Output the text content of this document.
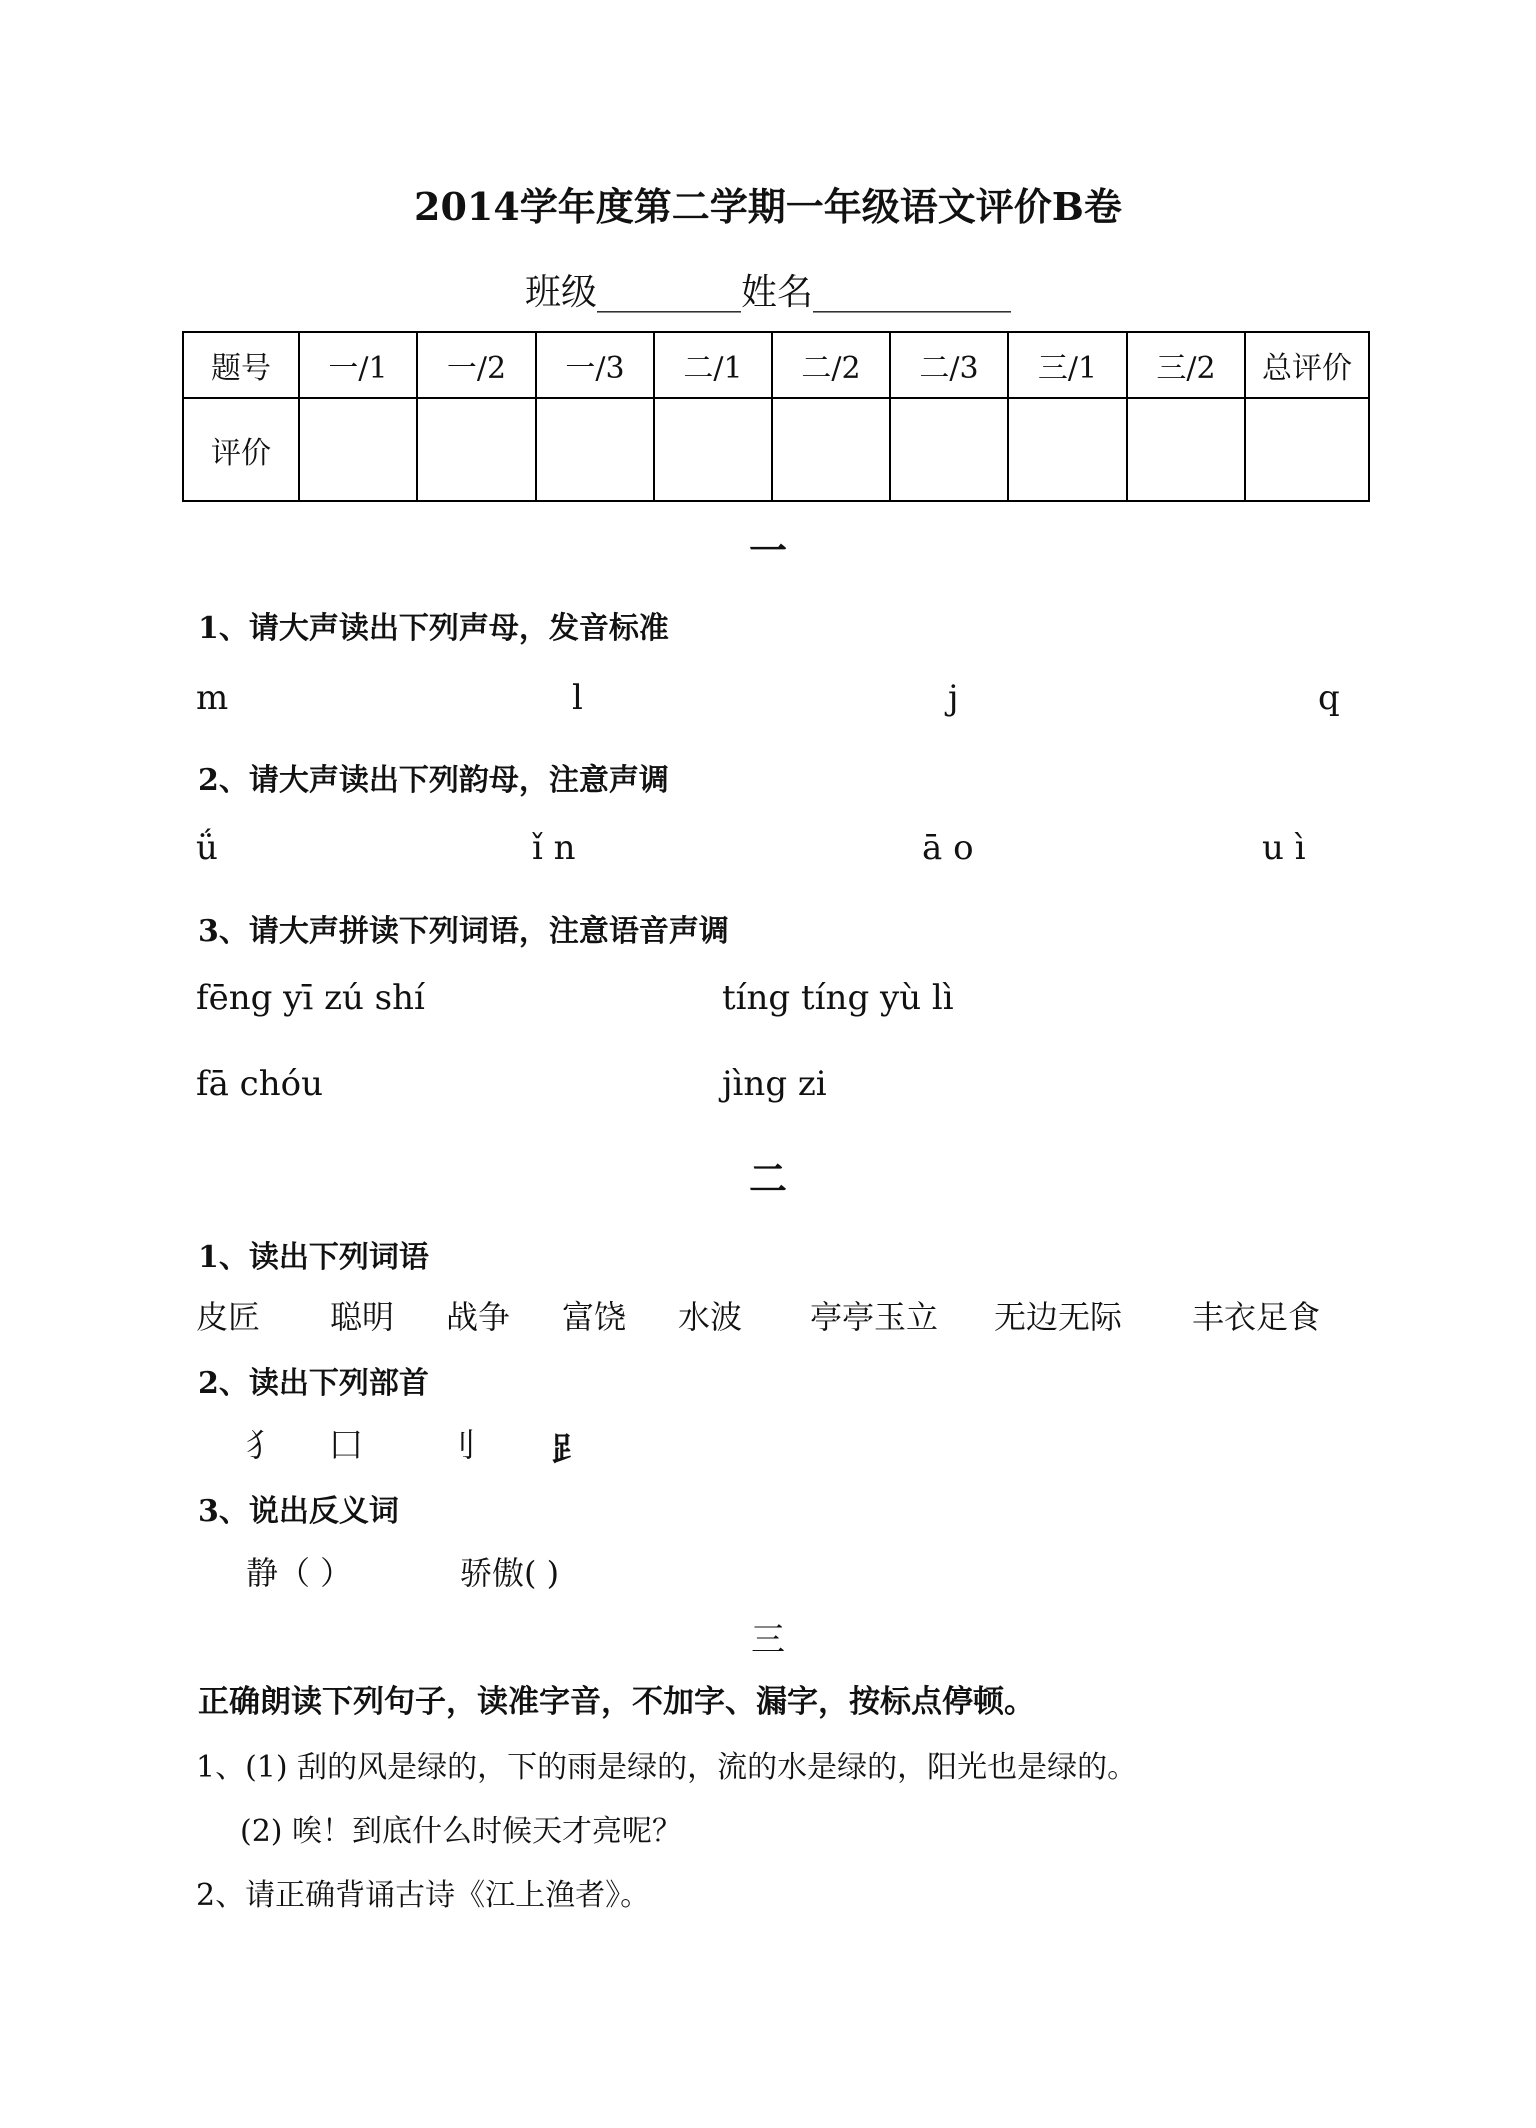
2014学年度第二学期一年级语文评价B卷
班级________姓名___________
题号	一/1	一/2	一/3	二/1	二/2	二/3	三/1	三/2	总评价
评价									
一
1、请大声读出下列声母，发音标准
m	l	j	q
2、请大声读出下列韵母，注意声调
ǘ	ǐ n	ā o	u ì
3、请大声拼读下列词语，注意语音声调
fēng yī zú shí	tíng tíng yù lì
fā chóu	jìng zi
二
1、读出下列词语
皮匠 聪明 战争 富饶 水波 亭亭玉立 无边无际 丰衣足食
2、读出下列部首
犭 囗	刂 𧾷
3、说出反义词
静（ ）	骄傲( )
三
正确朗读下列句子，读准字音，不加字、漏字，按标点停顿。
1、(1) 刮的风是绿的，下的雨是绿的，流的水是绿的，阳光也是绿的。
(2) 唉！到底什么时候天才亮呢？
2、请正确背诵古诗《江上渔者》。
